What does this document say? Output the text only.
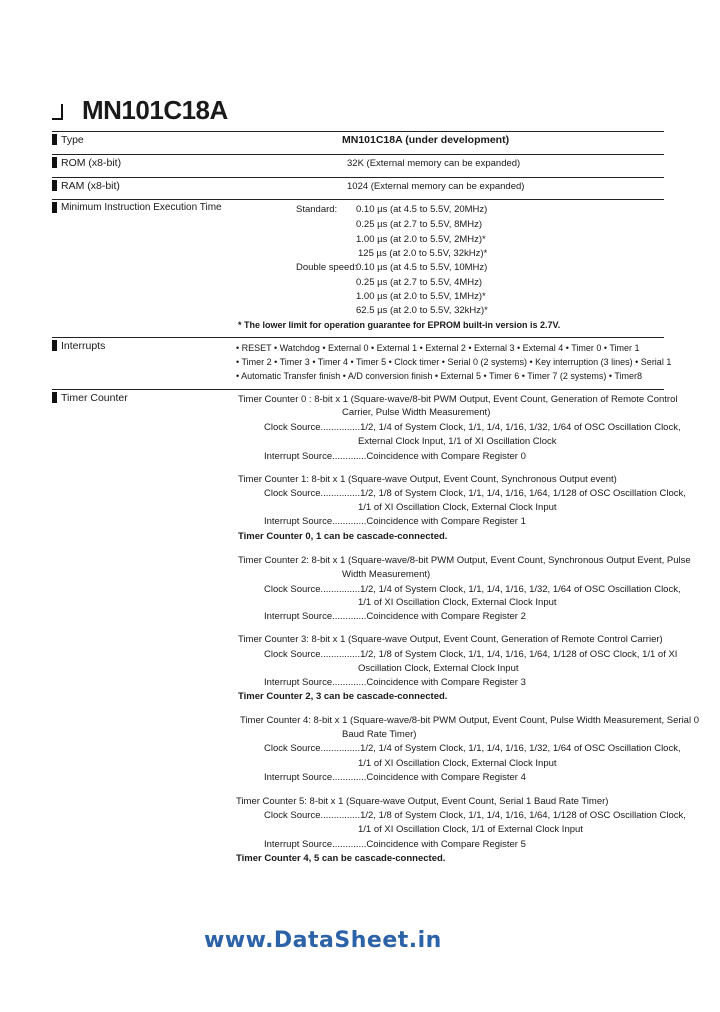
MN101C18A
Type	MN101C18A (under development)
ROM (x8-bit)	32K (External memory can be expanded)
RAM (x8-bit)	1024 (External memory can be expanded)
Minimum Instruction Execution Time	Standard: 0.10 µs (at 4.5 to 5.5V, 20MHz)
0.25 µs (at 2.7 to 5.5V, 8MHz)
1.00 µs (at 2.0 to 5.5V, 2MHz)*
125 µs (at 2.0 to 5.5V, 32kHz)*
Double speed:
0.10 µs (at 4.5 to 5.5V, 10MHz)
0.25 µs (at 2.7 to 5.5V, 4MHz)
1.00 µs (at 2.0 to 5.5V, 1MHz)*
62.5 µs (at 2.0 to 5.5V, 32kHz)*
* The lower limit for operation guarantee for EPROM built-in version is 2.7V.
Interrupts	• RESET • Watchdog • External 0 • External 1 • External 2 • External 3 • External 4 • Timer 0 • Timer 1
• Timer 2 • Timer 3 • Timer 4 • Timer 5 • Clock timer • Serial 0 (2 systems) • Key interruption (3 lines) • Serial 1
• Automatic Transfer finish • A/D conversion finish • External 5 • Timer 6 • Timer 7 (2 systems) • Timer8
Timer Counter	Timer Counter 0 : 8-bit x 1 (Square-wave/8-bit PWM Output, Event Count, Generation of Remote Control
Carrier, Pulse Width Measurement)
Clock Source...............1/2, 1/4 of System Clock, 1/1, 1/4, 1/16, 1/32, 1/64 of OSC Oscillation Clock,
External Clock Input, 1/1 of XI Oscillation Clock
Interrupt Source.............Coincidence with Compare Register 0
Timer Counter 1: 8-bit x 1 (Square-wave Output, Event Count, Synchronous Output event)
Clock Source...............1/2, 1/8 of System Clock, 1/1, 1/4, 1/16, 1/64, 1/128 of OSC Oscillation Clock,
1/1 of XI Oscillation Clock, External Clock Input
Interrupt Source.............Coincidence with Compare Register 1
Timer Counter 0, 1 can be cascade-connected.
Timer Counter 2: 8-bit x 1 (Square-wave/8-bit PWM Output, Event Count, Synchronous Output Event, Pulse
Width Measurement)
Clock Source...............1/2, 1/4 of System Clock, 1/1, 1/4, 1/16, 1/32, 1/64 of OSC Oscillation Clock,
1/1 of XI Oscillation Clock, External Clock Input
Interrupt Source.............Coincidence with Compare Register 2
Timer Counter 3: 8-bit x 1 (Square-wave Output, Event Count, Generation of Remote Control Carrier)
Clock Source...............1/2, 1/8 of System Clock, 1/1, 1/4, 1/16, 1/64, 1/128 of OSC Clock, 1/1 of XI
Oscillation Clock, External Clock Input
Interrupt Source.............Coincidence with Compare Register 3
Timer Counter 2, 3 can be cascade-connected.
Timer Counter 4: 8-bit x 1 (Square-wave/8-bit PWM Output, Event Count, Pulse Width Measurement, Serial 0
Baud Rate Timer)
Clock Source...............1/2, 1/4 of System Clock, 1/1, 1/4, 1/16, 1/32, 1/64 of OSC Oscillation Clock,
1/1 of XI Oscillation Clock, External Clock Input
Interrupt Source.............Coincidence with Compare Register 4
Timer Counter 5: 8-bit x 1 (Square-wave Output, Event Count, Serial 1 Baud Rate Timer)
Clock Source...............1/2, 1/8 of System Clock, 1/1, 1/4, 1/16, 1/64, 1/128 of OSC Oscillation Clock,
1/1 of XI Oscillation Clock, 1/1 of External Clock Input
Interrupt Source.............Coincidence with Compare Register 5
Timer Counter 4, 5 can be cascade-connected.
www.DataSheet.in
